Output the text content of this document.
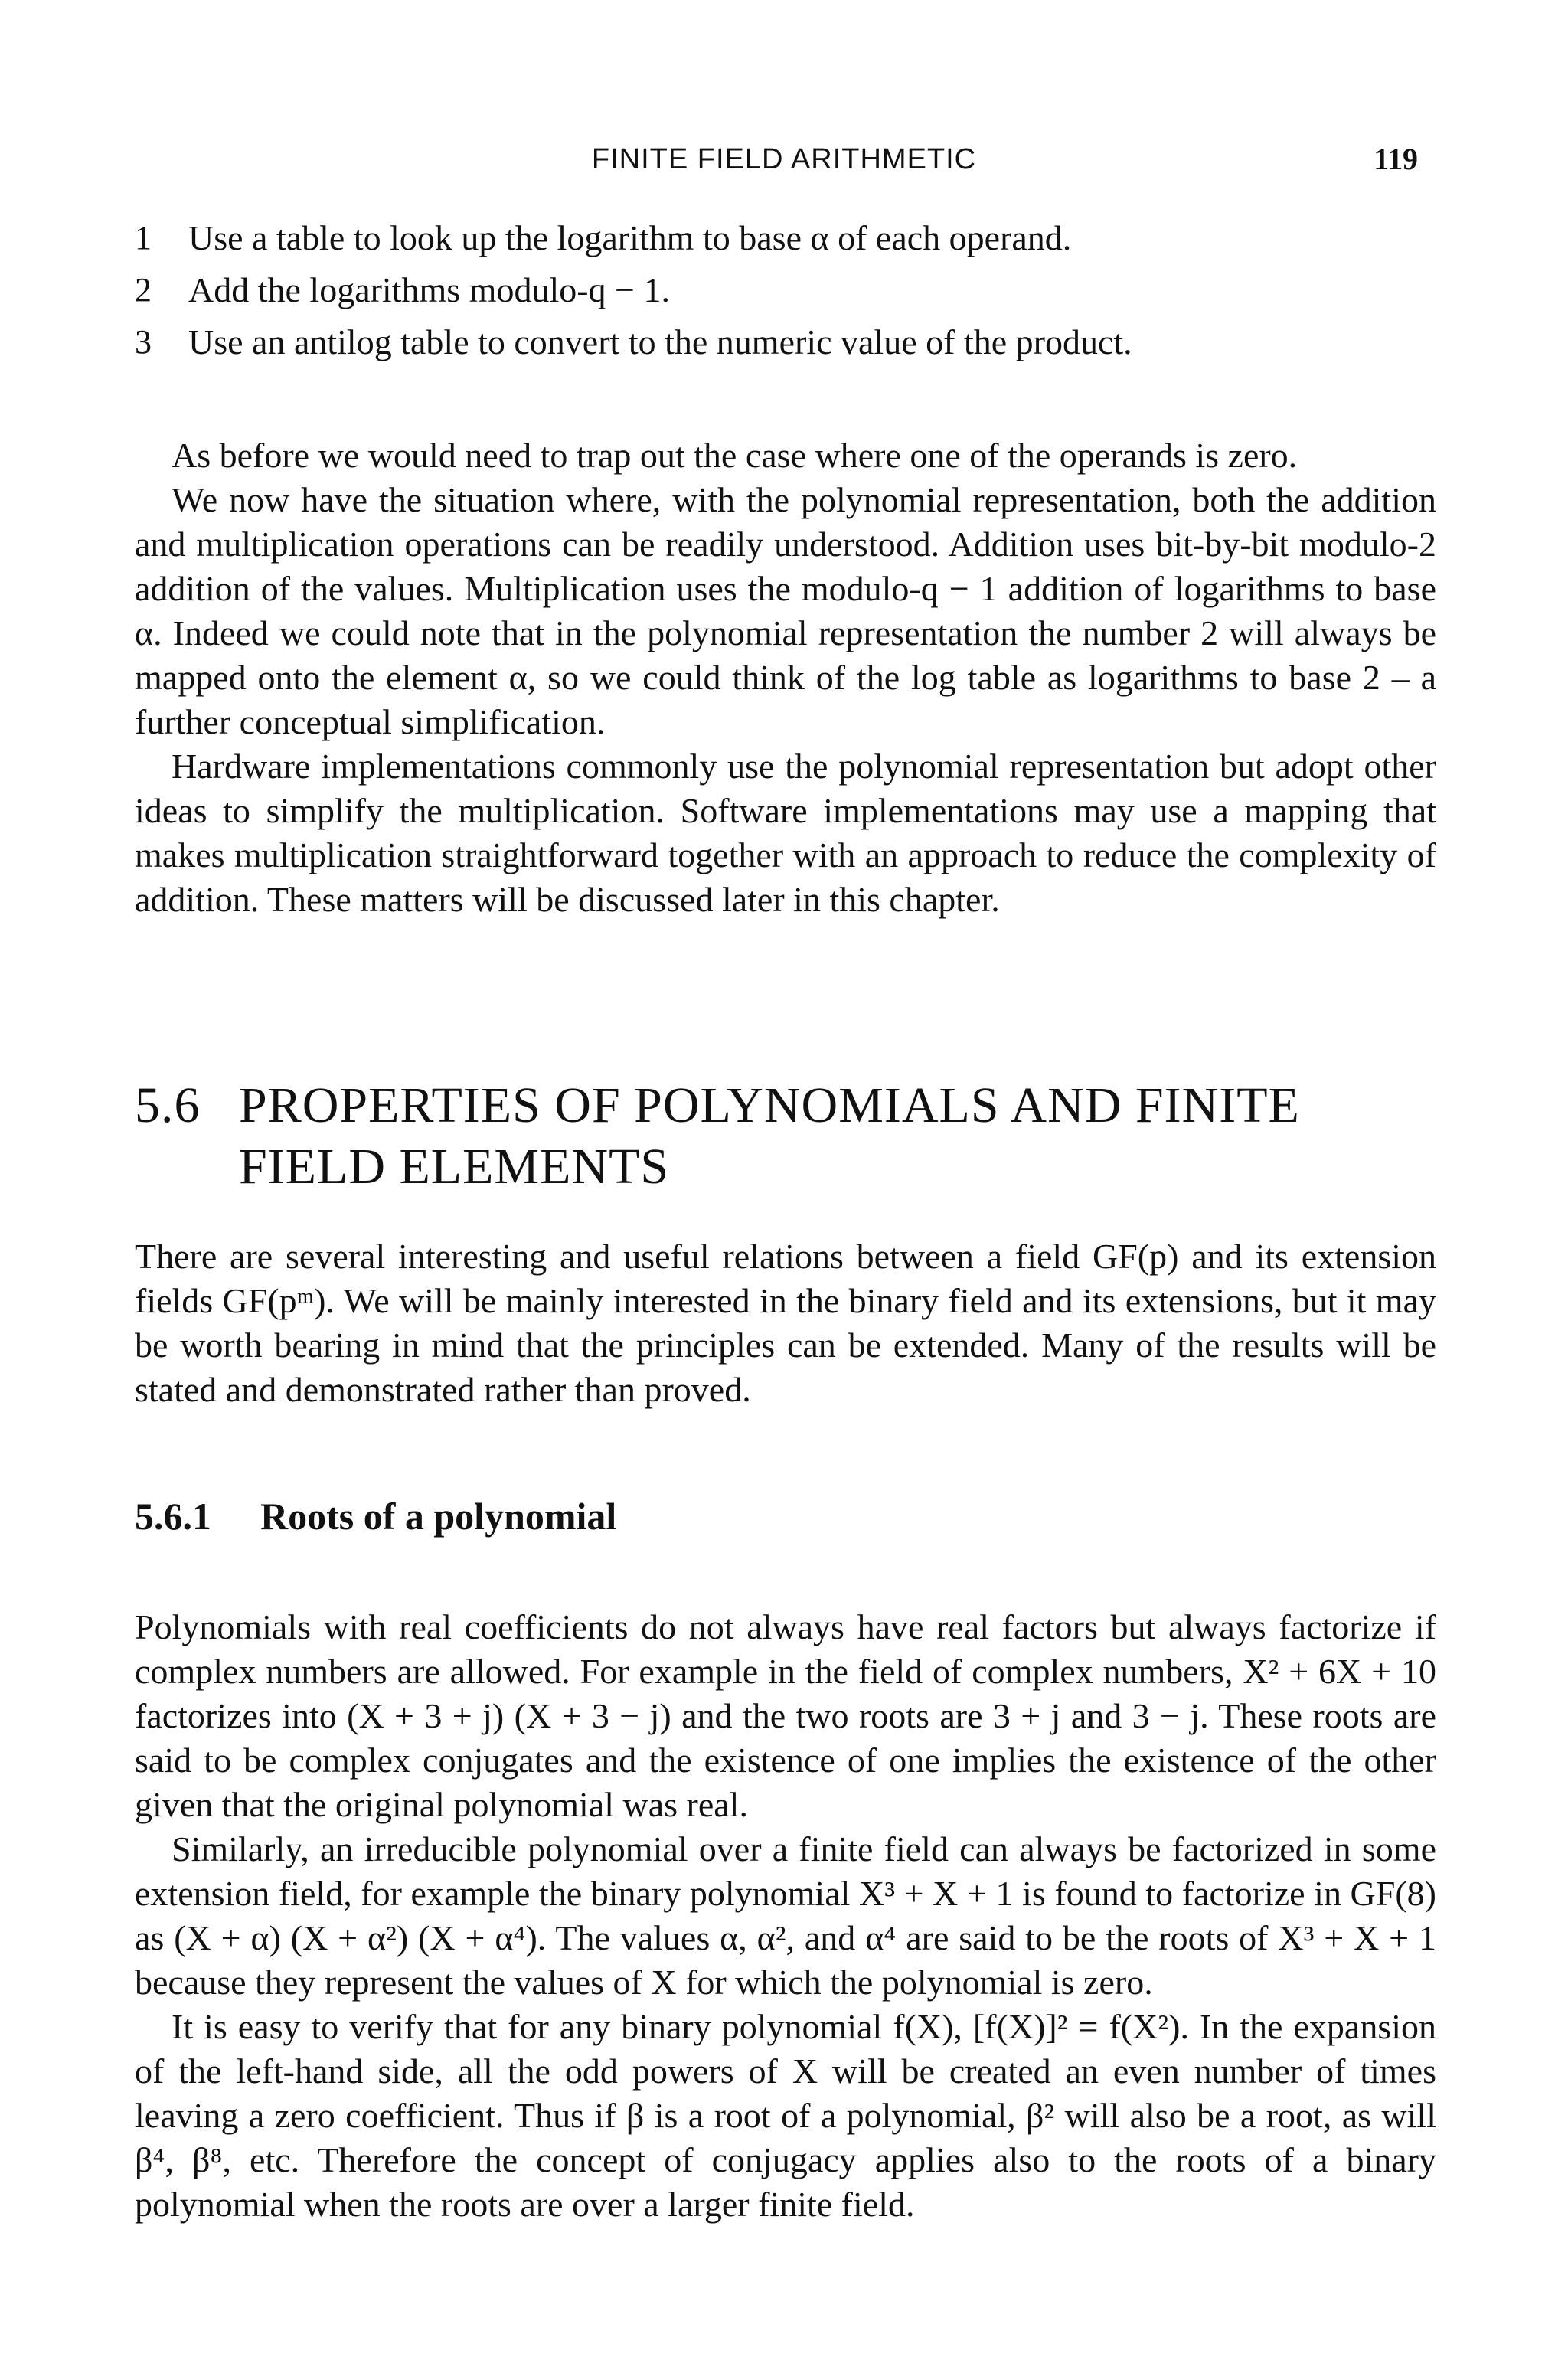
FINITE FIELD ARITHMETIC	119
1	Use a table to look up the logarithm to base α of each operand.
2	Add the logarithms modulo-q − 1.
3	Use an antilog table to convert to the numeric value of the product.

As before we would need to trap out the case where one of the operands is zero.

We now have the situation where, with the polynomial representation, both the addition and multiplication operations can be readily understood. Addition uses bit-by-bit modulo-2 addition of the values. Multiplication uses the modulo-q − 1 addition of logarithms to base α. Indeed we could note that in the polynomial representation the number 2 will always be mapped onto the element α, so we could think of the log table as logarithms to base 2 – a further conceptual simplification.

Hardware implementations commonly use the polynomial representation but adopt other ideas to simplify the multiplication. Software implementations may use a mapping that makes multiplication straightforward together with an approach to reduce the complexity of addition. These matters will be discussed later in this chapter.

5.6 PROPERTIES OF POLYNOMIALS AND FINITE FIELD ELEMENTS

There are several interesting and useful relations between a field GF(p) and its extension fields GF(pᵐ). We will be mainly interested in the binary field and its extensions, but it may be worth bearing in mind that the principles can be extended. Many of the results will be stated and demonstrated rather than proved.

5.6.1 Roots of a polynomial

Polynomials with real coefficients do not always have real factors but always factorize if complex numbers are allowed. For example in the field of complex numbers, X² + 6X + 10 factorizes into (X + 3 + j) (X + 3 − j) and the two roots are 3 + j and 3 − j. These roots are said to be complex conjugates and the existence of one implies the existence of the other given that the original polynomial was real.

Similarly, an irreducible polynomial over a finite field can always be factorized in some extension field, for example the binary polynomial X³ + X + 1 is found to factorize in GF(8) as (X + α) (X + α²) (X + α⁴). The values α, α², and α⁴ are said to be the roots of X³ + X + 1 because they represent the values of X for which the polynomial is zero.

It is easy to verify that for any binary polynomial f(X), [f(X)]² = f(X²). In the expansion of the left-hand side, all the odd powers of X will be created an even number of times leaving a zero coefficient. Thus if β is a root of a polynomial, β² will also be a root, as will β⁴, β⁸, etc. Therefore the concept of conjugacy applies also to the roots of a binary polynomial when the roots are over a larger finite field.
